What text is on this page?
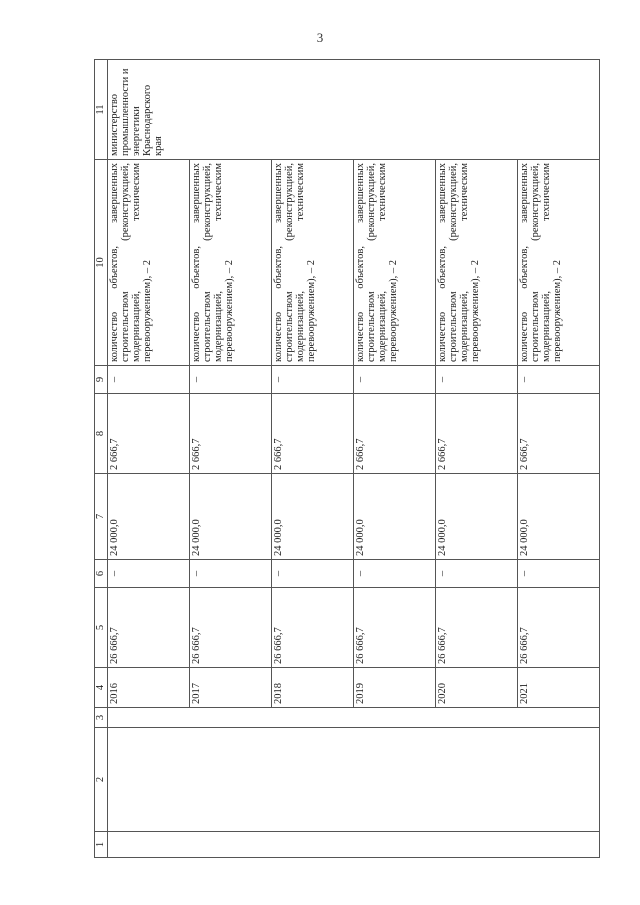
3
1	2	3	4	5	6	7	8	9	10	11
			2016	26 666,7	–	24 000,0	2 666,7	–	количество объектов, завершенных строительством (реконструкцией, модернизацией, техническим перевооружением), – 2	министерство промышленности и энергетики Краснодарского края
			2017	26 666,7	–	24 000,0	2 666,7	–	количество объектов, завершенных строительством (реконструкцией, модернизацией, техническим перевооружением), – 2	
			2018	26 666,7	–	24 000,0	2 666,7	–	количество объектов, завершенных строительством (реконструкцией, модернизацией, техническим перевооружением), – 2	
			2019	26 666,7	–	24 000,0	2 666,7	–	количество объектов, завершенных строительством (реконструкцией, модернизацией, техническим перевооружением), – 2	
			2020	26 666,7	–	24 000,0	2 666,7	–	количество объектов, завершенных строительством (реконструкцией, модернизацией, техническим перевооружением), – 2	
			2021	26 666,7	–	24 000,0	2 666,7	–	количество объектов, завершенных строительством (реконструкцией, модернизацией, техническим перевооружением), – 2	
